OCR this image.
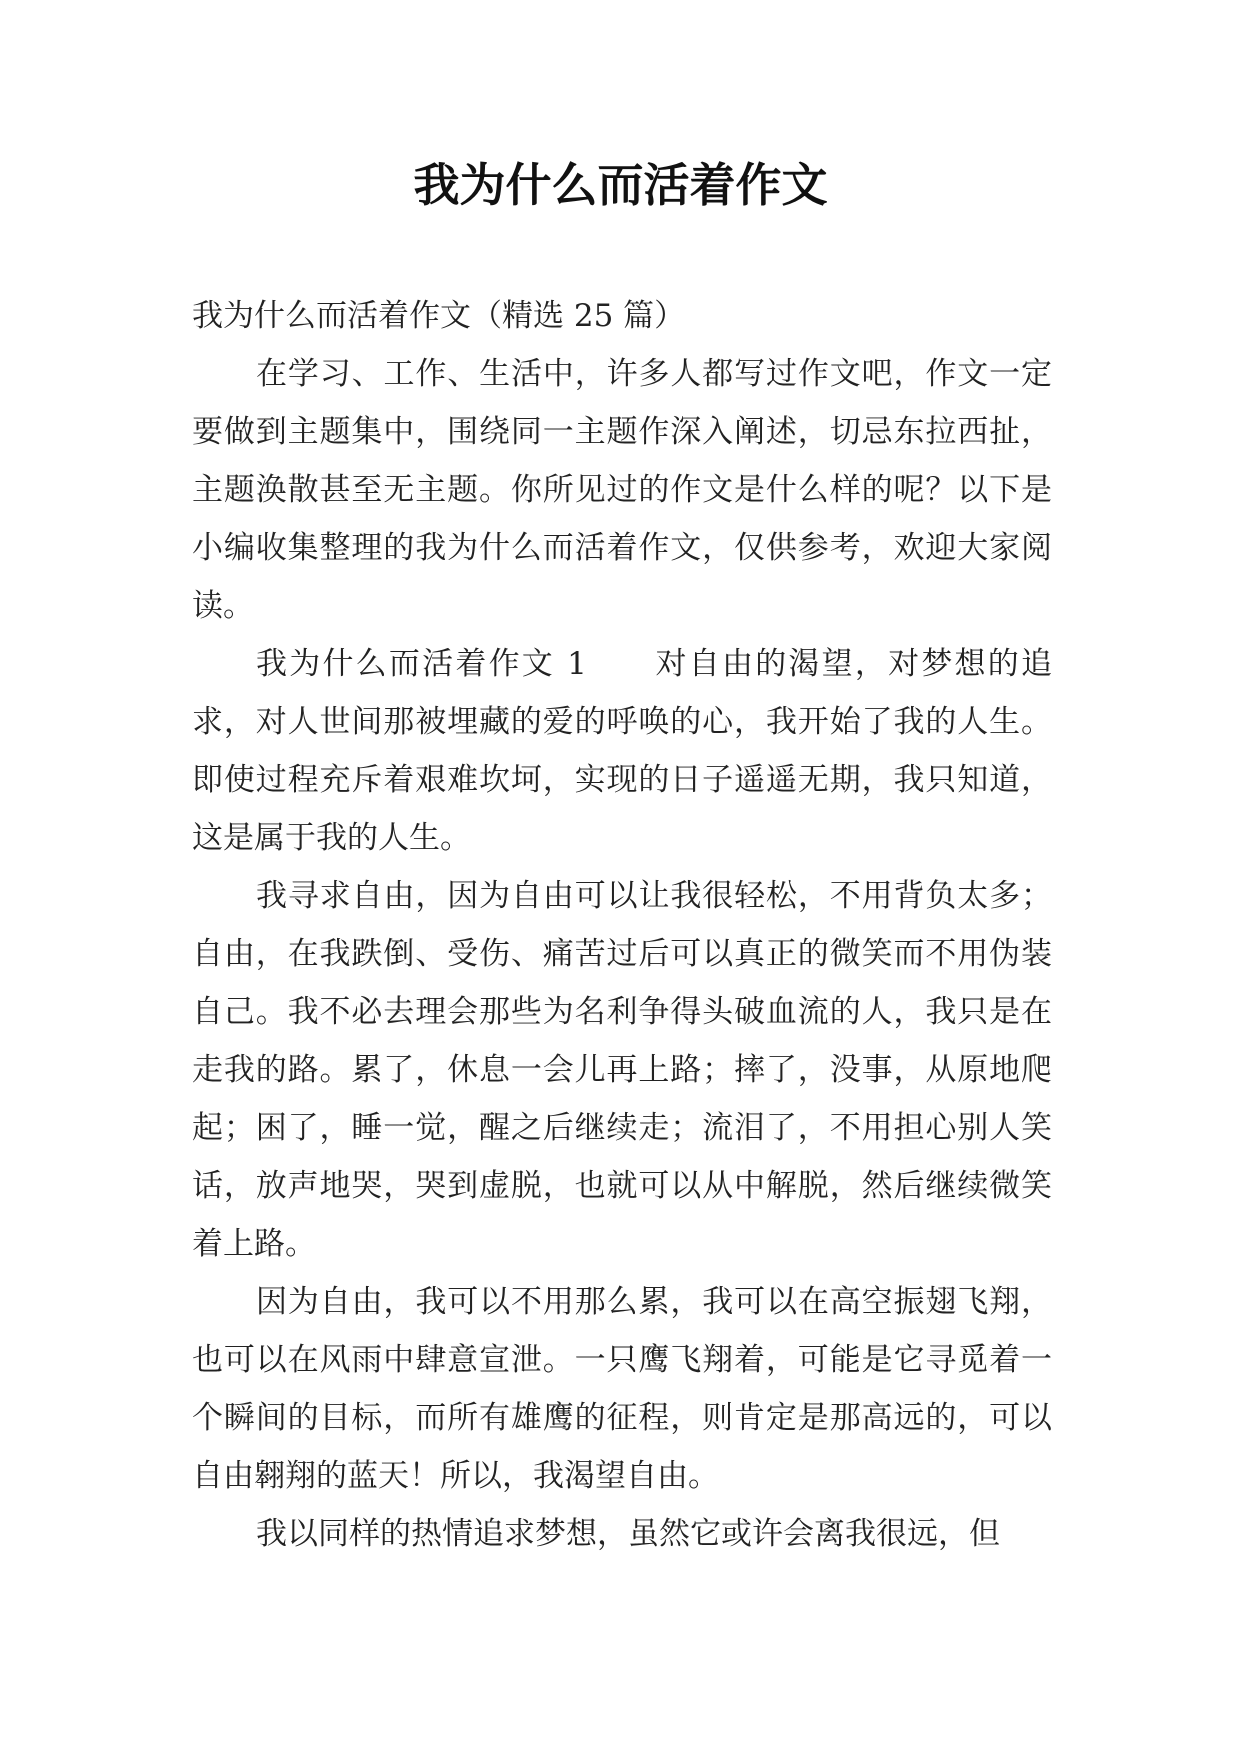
我为什么而活着作文

我为什么而活着作文（精选 25 篇）

在学习、工作、生活中，许多人都写过作文吧，作文一定要做到主题集中，围绕同一主题作深入阐述，切忌东拉西扯，主题涣散甚至无主题。你所见过的作文是什么样的呢？以下是小编收集整理的我为什么而活着作文，仅供参考，欢迎大家阅读。

我为什么而活着作文 1　　对自由的渴望，对梦想的追求，对人世间那被埋藏的爱的呼唤的心，我开始了我的人生。即使过程充斥着艰难坎坷，实现的日子遥遥无期，我只知道，这是属于我的人生。

我寻求自由，因为自由可以让我很轻松，不用背负太多；自由，在我跌倒、受伤、痛苦过后可以真正的微笑而不用伪装自己。我不必去理会那些为名利争得头破血流的人，我只是在走我的路。累了，休息一会儿再上路；摔了，没事，从原地爬起；困了，睡一觉，醒之后继续走；流泪了，不用担心别人笑话，放声地哭，哭到虚脱，也就可以从中解脱，然后继续微笑着上路。

因为自由，我可以不用那么累，我可以在高空振翅飞翔，也可以在风雨中肆意宣泄。一只鹰飞翔着，可能是它寻觅着一个瞬间的目标，而所有雄鹰的征程，则肯定是那高远的，可以自由翱翔的蓝天！所以，我渴望自由。

我以同样的热情追求梦想，虽然它或许会离我很远，但
